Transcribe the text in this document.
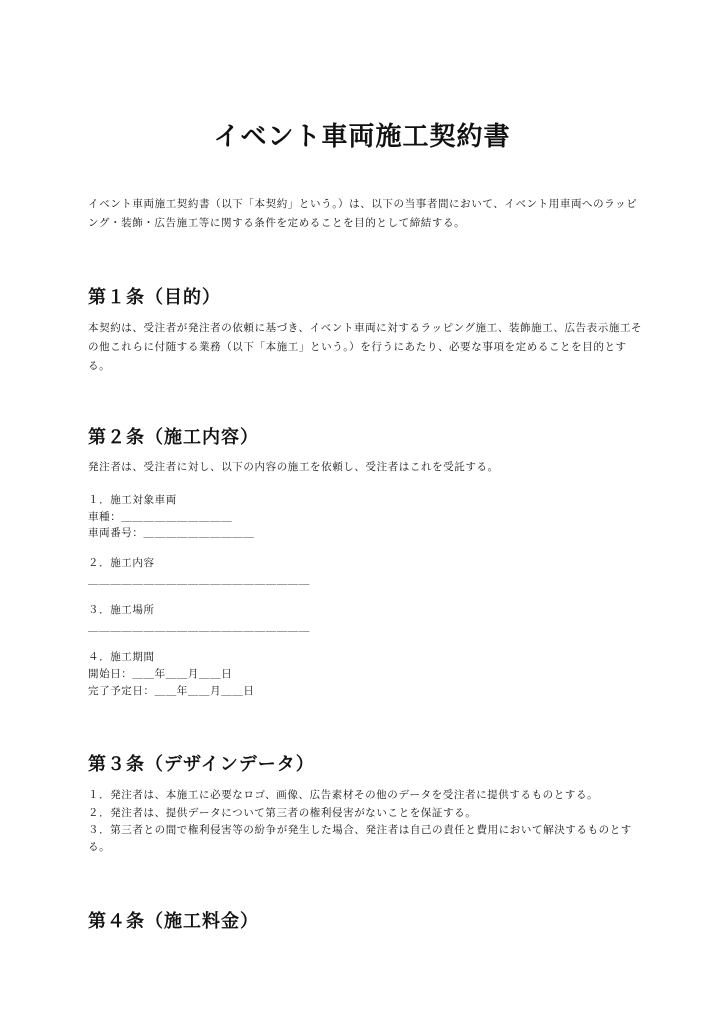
イベント車両施工契約書

イベント車両施工契約書（以下「本契約」という。）は、以下の当事者間において、イベント用車両へのラッピング・装飾・広告施工等に関する条件を定めることを目的として締結する。

第１条（目的）

本契約は、受注者が発注者の依頼に基づき、イベント車両に対するラッピング施工、装飾施工、広告表示施工その他これらに付随する業務（以下「本施工」という。）を行うにあたり、必要な事項を定めることを目的とする。

第２条（施工内容）

発注者は、受注者に対し、以下の内容の施工を依頼し、受注者はこれを受託する。

１．施工対象車両

車種：＿＿＿＿＿＿＿＿＿＿

車両番号：＿＿＿＿＿＿＿＿＿＿

２．施工内容

＿＿＿＿＿＿＿＿＿＿＿＿＿＿＿＿＿＿＿＿

３．施工場所

＿＿＿＿＿＿＿＿＿＿＿＿＿＿＿＿＿＿＿＿

４．施工期間

開始日：＿＿年＿＿月＿＿日

完了予定日：＿＿年＿＿月＿＿日

第３条（デザインデータ）

１．発注者は、本施工に必要なロゴ、画像、広告素材その他のデータを受注者に提供するものとする。

２．発注者は、提供データについて第三者の権利侵害がないことを保証する。

３．第三者との間で権利侵害等の紛争が発生した場合、発注者は自己の責任と費用において解決するものとする。

第４条（施工料金）
